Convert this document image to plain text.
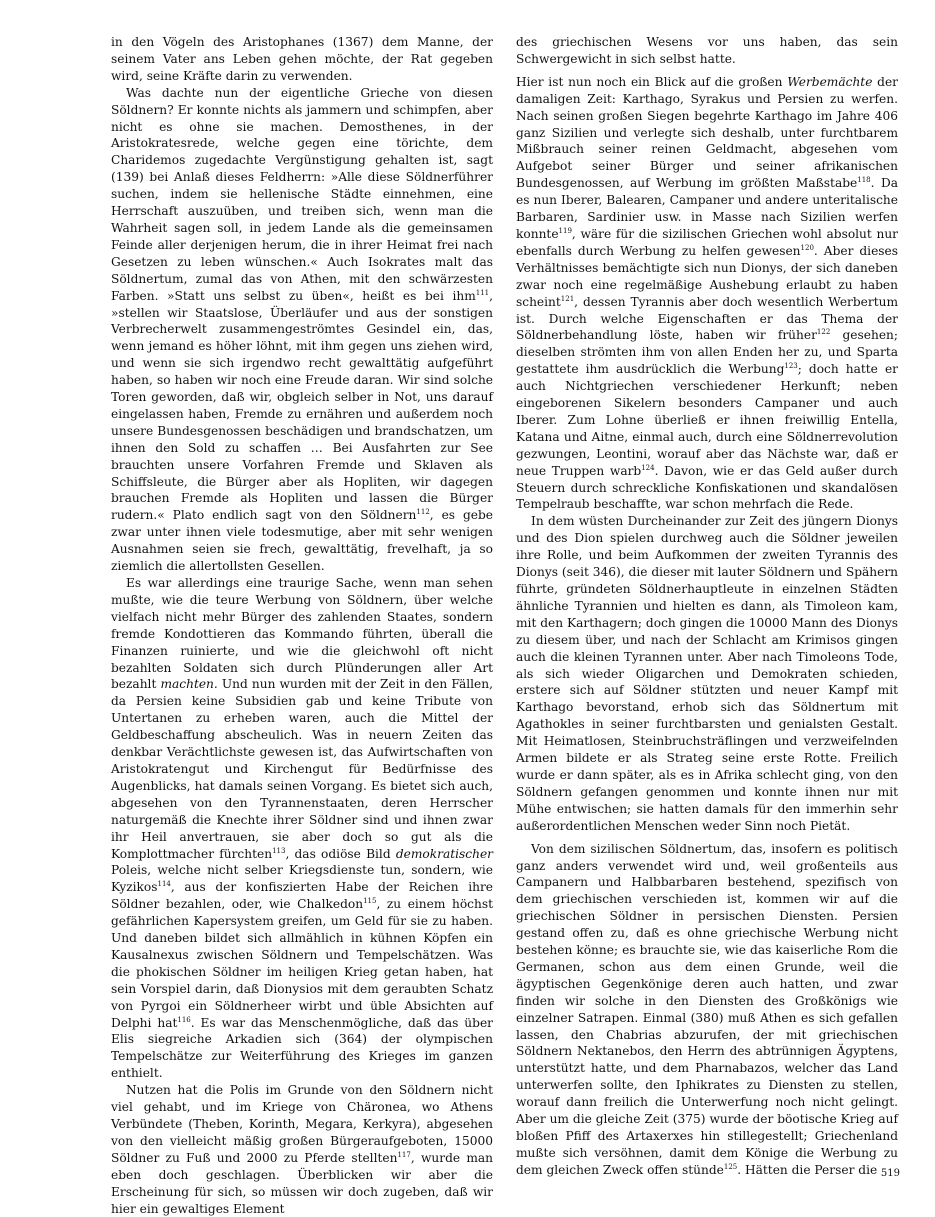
in den Vögeln des Aristophanes (1367) dem Manne, der seinem Vater ans Leben gehen möchte, der Rat gegeben wird, seine Kräfte darin zu verwenden.

Was dachte nun der eigentliche Grieche von diesen Söldnern? Er konnte nichts als jammern und schimpfen, aber nicht es ohne sie machen. Demosthenes, in der Aristokratesrede, welche gegen eine törichte, dem Charidemos zugedachte Vergünstigung gehalten ist, sagt (139) bei Anlaß dieses Feldherrn: »Alle diese Söldnerführer suchen, indem sie hellenische Städte einnehmen, eine Herrschaft auszuüben, und treiben sich, wenn man die Wahrheit sagen soll, in jedem Lande als die gemeinsamen Feinde aller derjenigen herum, die in ihrer Heimat frei nach Gesetzen zu leben wünschen.« Auch Isokrates malt das Söldnertum, zumal das von Athen, mit den schwärzesten Farben. »Statt uns selbst zu üben«, heißt es bei ihm$^{111}$, »stellen wir Staatslose, Überläufer und aus der sonstigen Verbrecherwelt zusammengeströmtes Gesindel ein, das, wenn jemand es höher löhnt, mit ihm gegen uns ziehen wird, und wenn sie sich irgendwo recht gewalttätig aufgeführt haben, so haben wir noch eine Freude daran. Wir sind solche Toren geworden, daß wir, obgleich selber in Not, uns darauf eingelassen haben, Fremde zu ernähren und außerdem noch unsere Bundesgenossen beschädigen und brandschatzen, um ihnen den Sold zu schaffen … Bei Ausfahrten zur See brauchten unsere Vorfahren Fremde und Sklaven als Schiffsleute, die Bürger aber als Hopliten, wir dagegen brauchen Fremde als Hopliten und lassen die Bürger rudern.« Plato endlich sagt von den Söldnern$^{112}$, es gebe zwar unter ihnen viele todesmutige, aber mit sehr wenigen Ausnahmen seien sie frech, gewalttätig, frevelhaft, ja so ziemlich die allertollsten Gesellen.

Es war allerdings eine traurige Sache, wenn man sehen mußte, wie die teure Werbung von Söldnern, über welche vielfach nicht mehr Bürger des zahlenden Staates, sondern fremde Kondottieren das Kommando führten, überall die Finanzen ruinierte, und wie die gleichwohl oft nicht bezahlten Soldaten sich durch Plünderungen aller Art bezahlt machten. Und nun wurden mit der Zeit in den Fällen, da Persien keine Subsidien gab und keine Tribute von Untertanen zu erheben waren, auch die Mittel der Geldbeschaffung abscheulich. Was in neuern Zeiten das denkbar Verächtlichste gewesen ist, das Aufwirtschaften von Aristokratengut und Kirchengut für Bedürfnisse des Augenblicks, hat damals seinen Vorgang. Es bietet sich auch, abgesehen von den Tyrannenstaaten, deren Herrscher naturgemäß die Knechte ihrer Söldner sind und ihnen zwar ihr Heil anvertrauen, sie aber doch so gut als die Komplottmacher fürchten$^{113}$, das odiöse Bild demokratischer Poleis, welche nicht selber Kriegsdienste tun, sondern, wie Kyzikos$^{114}$, aus der konfiszierten Habe der Reichen ihre Söldner bezahlen, oder, wie Chalkedon$^{115}$, zu einem höchst gefährlichen Kapersystem greifen, um Geld für sie zu haben. Und daneben bildet sich allmählich in kühnen Köpfen ein Kausalnexus zwischen Söldnern und Tempelschätzen. Was die phokischen Söldner im heiligen Krieg getan haben, hat sein Vorspiel darin, daß Dionysios mit dem geraubten Schatz von Pyrgoi ein Söldnerheer wirbt und üble Absichten auf Delphi hat$^{116}$. Es war das Menschenmögliche, daß das über Elis siegreiche Arkadien sich (364) der olympischen Tempelschätze zur Weiterführung des Krieges im ganzen enthielt.

Nutzen hat die Polis im Grunde von den Söldnern nicht viel gehabt, und im Kriege von Chäronea, wo Athens Verbündete (Theben, Korinth, Megara, Kerkyra), abgesehen von den vielleicht mäßig großen Bürgeraufgeboten, 15000 Söldner zu Fuß und 2000 zu Pferde stellten$^{117}$, wurde man eben doch geschlagen. Überblicken wir aber die Erscheinung für sich, so müssen wir doch zugeben, daß wir hier ein gewaltiges Element

des griechischen Wesens vor uns haben, das sein Schwergewicht in sich selbst hatte.

Hier ist nun noch ein Blick auf die großen Werbemächte der damaligen Zeit: Karthago, Syrakus und Persien zu werfen. Nach seinen großen Siegen begehrte Karthago im Jahre 406 ganz Sizilien und verlegte sich deshalb, unter furchtbarem Mißbrauch seiner reinen Geldmacht, abgesehen vom Aufgebot seiner Bürger und seiner afrikanischen Bundesgenossen, auf Werbung im größten Maßstabe$^{118}$. Da es nun Iberer, Balearen, Campaner und andere unteritalische Barbaren, Sardinier usw. in Masse nach Sizilien werfen konnte$^{119}$, wäre für die sizilischen Griechen wohl absolut nur ebenfalls durch Werbung zu helfen gewesen$^{120}$. Aber dieses Verhältnisses bemächtigte sich nun Dionys, der sich daneben zwar noch eine regelmäßige Aushebung erlaubt zu haben scheint$^{121}$, dessen Tyrannis aber doch wesentlich Werbertum ist. Durch welche Eigenschaften er das Thema der Söldnerbehandlung löste, haben wir früher$^{122}$ gesehen; dieselben strömten ihm von allen Enden her zu, und Sparta gestattete ihm ausdrücklich die Werbung$^{123}$; doch hatte er auch Nichtgriechen verschiedener Herkunft; neben eingeborenen Sikelern besonders Campaner und auch Iberer. Zum Lohne überließ er ihnen freiwillig Entella, Katana und Aitne, einmal auch, durch eine Söldnerrevolution gezwungen, Leontini, worauf aber das Nächste war, daß er neue Truppen warb$^{124}$. Davon, wie er das Geld außer durch Steuern durch schreckliche Konfiskationen und skandalösen Tempelraub beschaffte, war schon mehrfach die Rede.

In dem wüsten Durcheinander zur Zeit des jüngern Dionys und des Dion spielen durchweg auch die Söldner jeweilen ihre Rolle, und beim Aufkommen der zweiten Tyrannis des Dionys (seit 346), die dieser mit lauter Söldnern und Spähern führte, gründeten Söldnerhauptleute in einzelnen Städten ähnliche Tyrannien und hielten es dann, als Timoleon kam, mit den Karthagern; doch gingen die 10000 Mann des Dionys zu diesem über, und nach der Schlacht am Krimisos gingen auch die kleinen Tyrannen unter. Aber nach Timoleons Tode, als sich wieder Oligarchen und Demokraten schieden, erstere sich auf Söldner stützten und neuer Kampf mit Karthago bevorstand, erhob sich das Söldnertum mit Agathokles in seiner furchtbarsten und genialsten Gestalt. Mit Heimatlosen, Steinbruchsträflingen und verzweifelnden Armen bildete er als Strateg seine erste Rotte. Freilich wurde er dann später, als es in Afrika schlecht ging, von den Söldnern gefangen genommen und konnte ihnen nur mit Mühe entwischen; sie hatten damals für den immerhin sehr außerordentlichen Menschen weder Sinn noch Pietät.

Von dem sizilischen Söldnertum, das, insofern es politisch ganz anders verwendet wird und, weil großenteils aus Campanern und Halbbarbaren bestehend, spezifisch von dem griechischen verschieden ist, kommen wir auf die griechischen Söldner in persischen Diensten. Persien gestand offen zu, daß es ohne griechische Werbung nicht bestehen könne; es brauchte sie, wie das kaiserliche Rom die Germanen, schon aus dem einen Grunde, weil die ägyptischen Gegenkönige deren auch hatten, und zwar finden wir solche in den Diensten des Großkönigs wie einzelner Satrapen. Einmal (380) muß Athen es sich gefallen lassen, den Chabrias abzurufen, der mit griechischen Söldnern Nektanebos, den Herrn des abtrünnigen Ägyptens, unterstützt hatte, und dem Pharnabazos, welcher das Land unterwerfen sollte, den Iphikrates zu Diensten zu stellen, worauf dann freilich die Unterwerfung noch nicht gelingt. Aber um die gleiche Zeit (375) wurde der böotische Krieg auf bloßen Pfiff des Artaxerxes hin stillegestellt; Griechenland mußte sich versöhnen, damit dem Könige die Werbung zu dem gleichen Zweck offen stünde$^{125}$. Hätten die Perser die 519
